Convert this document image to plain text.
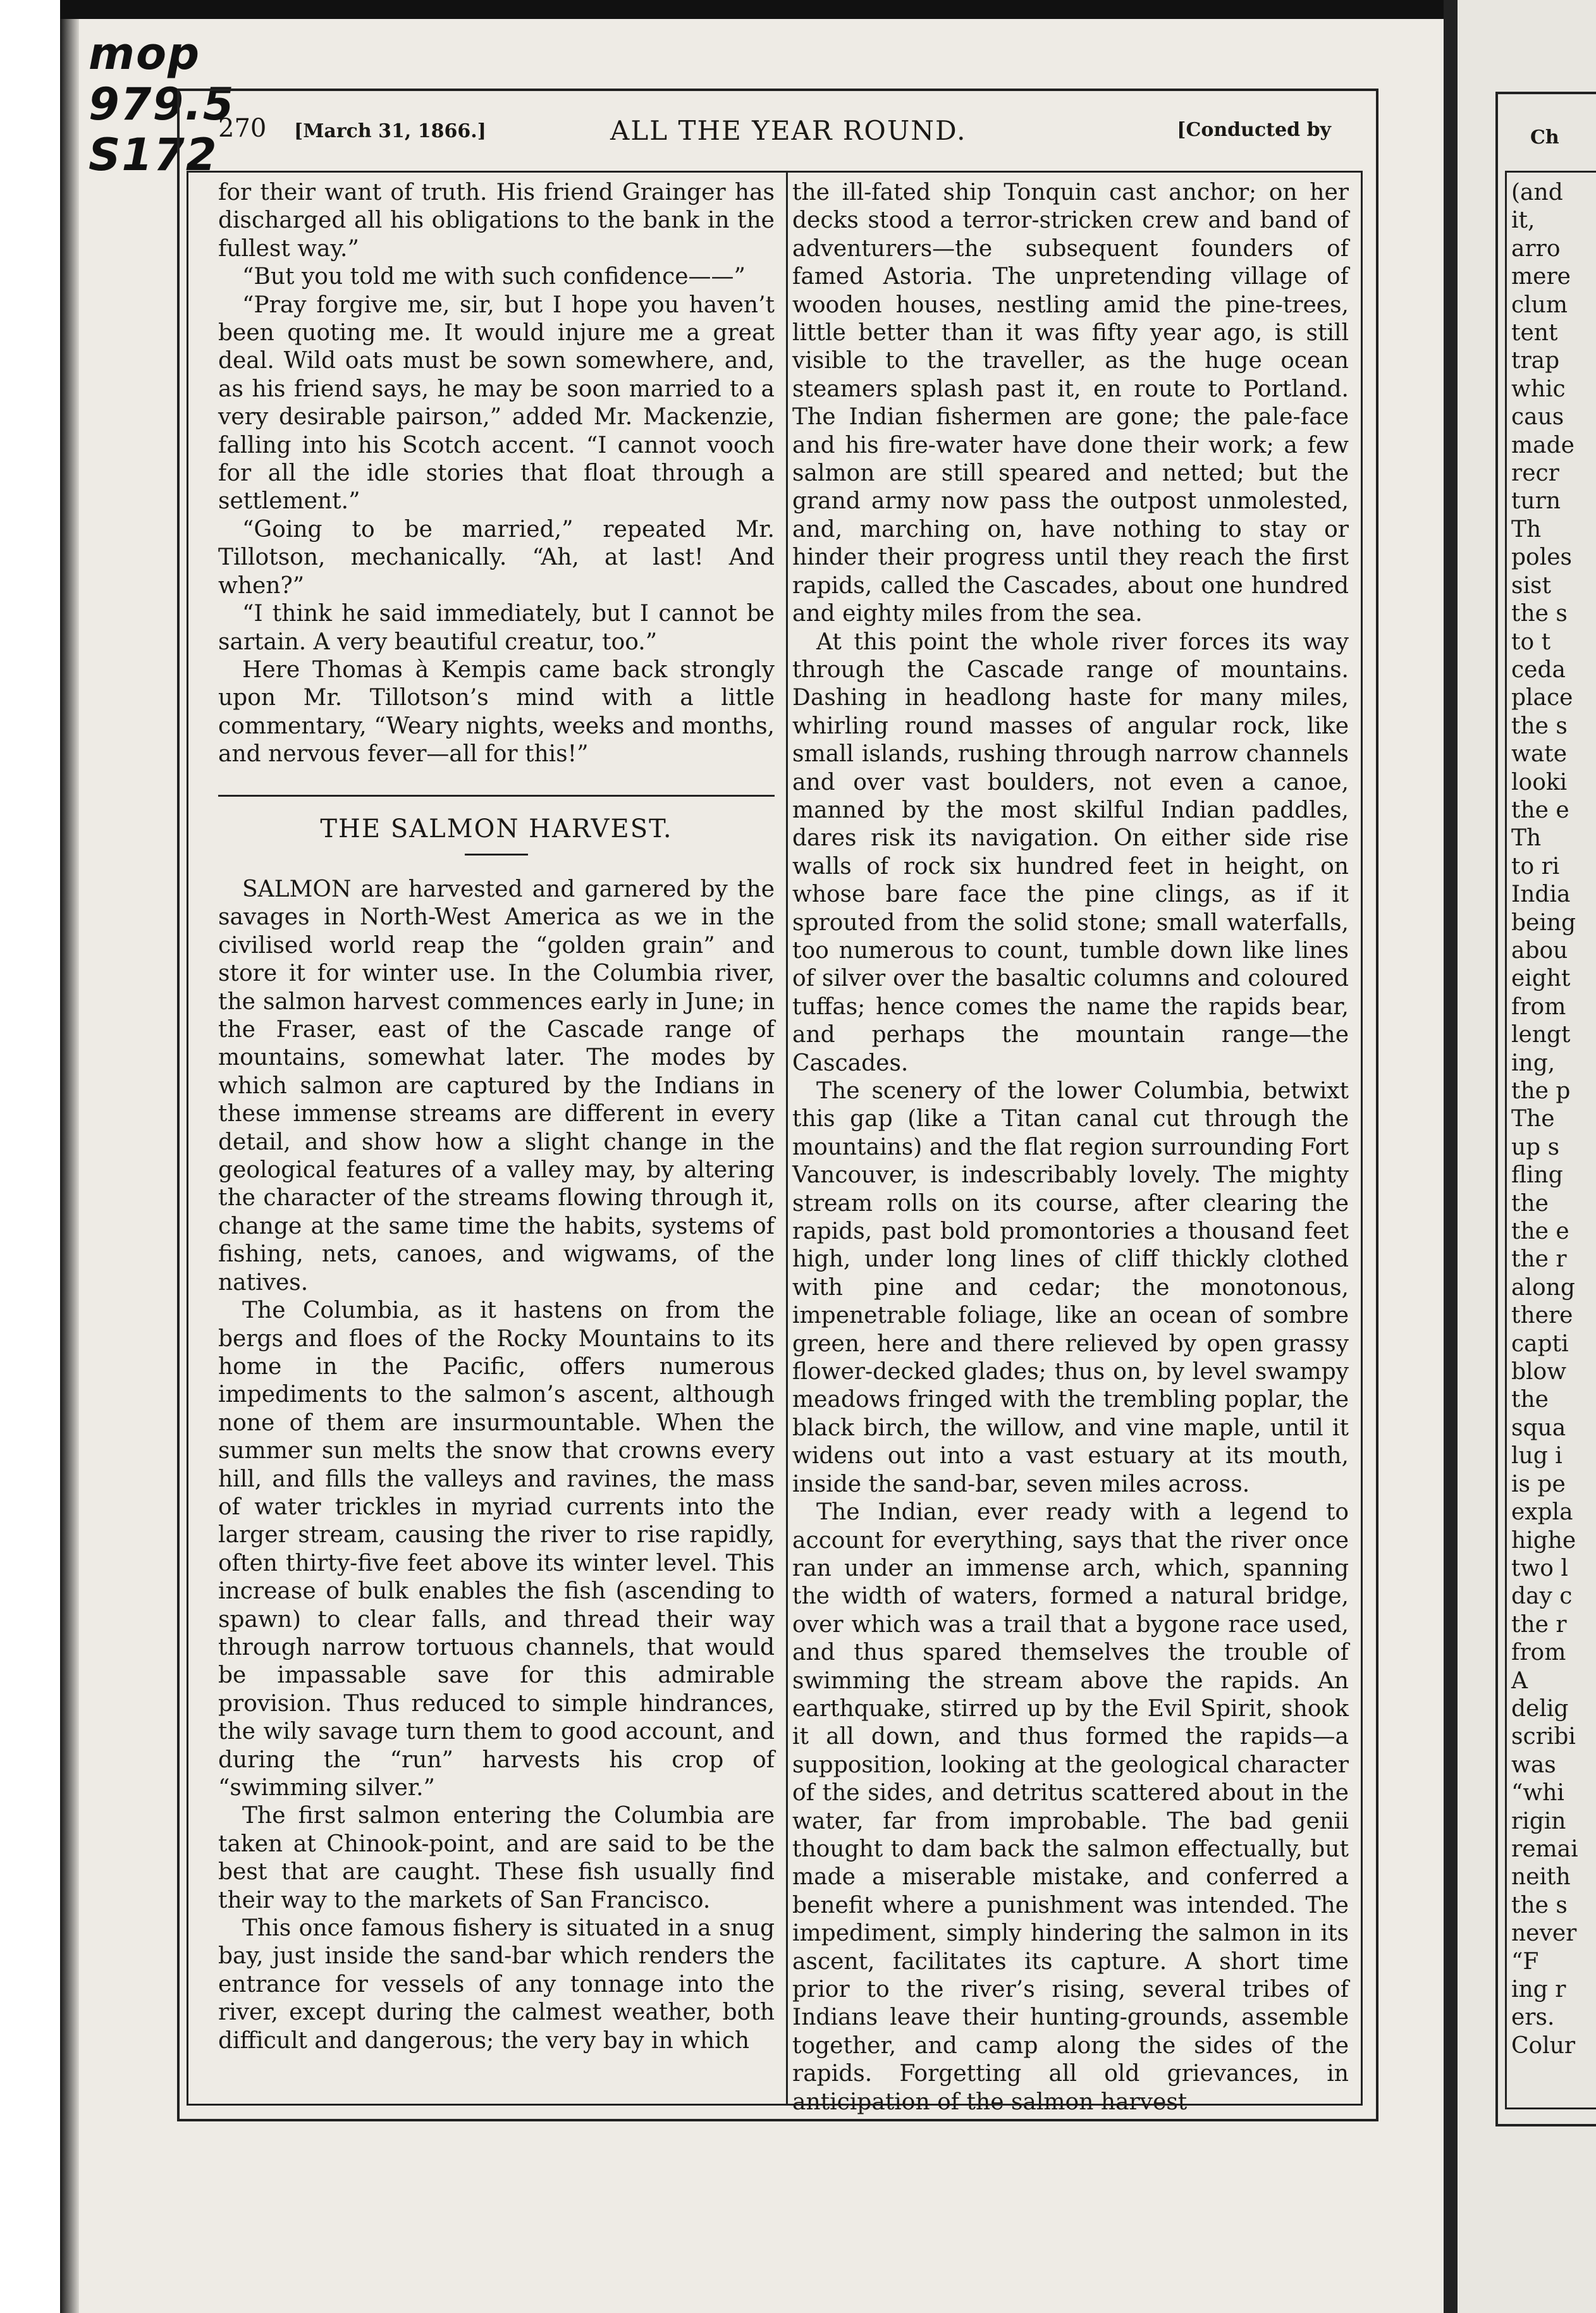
mop
979.5
S172
270 [March 31, 1866.]	ALL THE YEAR ROUND.	[Conducted by

for their want of truth. His friend Grainger has discharged all his obligations to the bank in the fullest way.”

“But you told me with such confidence——”

“Pray forgive me, sir, but I hope you haven’t been quoting me. It would injure me a great deal. Wild oats must be sown somewhere, and, as his friend says, he may be soon married to a very desirable pairson,” added Mr. Mackenzie, falling into his Scotch accent. “I cannot vooch for all the idle stories that float through a settlement.”

“Going to be married,” repeated Mr. Tillotson, mechanically. “Ah, at last! And when?”

“I think he said immediately, but I cannot be sartain. A very beautiful creatur, too.”

Here Thomas à Kempis came back strongly upon Mr. Tillotson’s mind with a little commentary, “Weary nights, weeks and months, and nervous fever—all for this!”

THE SALMON HARVEST.

SALMON are harvested and garnered by the savages in North-West America as we in the civilised world reap the “golden grain” and store it for winter use. In the Columbia river, the salmon harvest commences early in June; in the Fraser, east of the Cascade range of mountains, somewhat later. The modes by which salmon are captured by the Indians in these immense streams are different in every detail, and show how a slight change in the geological features of a valley may, by altering the character of the streams flowing through it, change at the same time the habits, systems of fishing, nets, canoes, and wigwams, of the natives.

The Columbia, as it hastens on from the bergs and floes of the Rocky Mountains to its home in the Pacific, offers numerous impediments to the salmon’s ascent, although none of them are insurmountable. When the summer sun melts the snow that crowns every hill, and fills the valleys and ravines, the mass of water trickles in myriad currents into the larger stream, causing the river to rise rapidly, often thirty-five feet above its winter level. This increase of bulk enables the fish (ascending to spawn) to clear falls, and thread their way through narrow tortuous channels, that would be impassable save for this admirable provision. Thus reduced to simple hindrances, the wily savage turn them to good account, and during the “run” harvests his crop of “swimming silver.”

The first salmon entering the Columbia are taken at Chinook-point, and are said to be the best that are caught. These fish usually find their way to the markets of San Francisco.

This once famous fishery is situated in a snug bay, just inside the sand-bar which renders the entrance for vessels of any tonnage into the river, except during the calmest weather, both difficult and dangerous; the very bay in which

the ill-fated ship Tonquin cast anchor; on her decks stood a terror-stricken crew and band of adventurers—the subsequent founders of famed Astoria. The unpretending village of wooden houses, nestling amid the pine-trees, little better than it was fifty year ago, is still visible to the traveller, as the huge ocean steamers splash past it, en route to Portland. The Indian fishermen are gone; the pale-face and his fire-water have done their work; a few salmon are still speared and netted; but the grand army now pass the outpost unmolested, and, marching on, have nothing to stay or hinder their progress until they reach the first rapids, called the Cascades, about one hundred and eighty miles from the sea.

At this point the whole river forces its way through the Cascade range of mountains. Dashing in headlong haste for many miles, whirling round masses of angular rock, like small islands, rushing through narrow channels and over vast boulders, not even a canoe, manned by the most skilful Indian paddles, dares risk its navigation. On either side rise walls of rock six hundred feet in height, on whose bare face the pine clings, as if it sprouted from the solid stone; small waterfalls, too numerous to count, tumble down like lines of silver over the basaltic columns and coloured tuffas; hence comes the name the rapids bear, and perhaps the mountain range—the Cascades.

The scenery of the lower Columbia, betwixt this gap (like a Titan canal cut through the mountains) and the flat region surrounding Fort Vancouver, is indescribably lovely. The mighty stream rolls on its course, after clearing the rapids, past bold promontories a thousand feet high, under long lines of cliff thickly clothed with pine and cedar; the monotonous, impenetrable foliage, like an ocean of sombre green, here and there relieved by open grassy flower-decked glades; thus on, by level swampy meadows fringed with the trembling poplar, the black birch, the willow, and vine maple, until it widens out into a vast estuary at its mouth, inside the sand-bar, seven miles across.

The Indian, ever ready with a legend to account for everything, says that the river once ran under an immense arch, which, spanning the width of waters, formed a natural bridge, over which was a trail that a bygone race used, and thus spared themselves the trouble of swimming the stream above the rapids. An earthquake, stirred up by the Evil Spirit, shook it all down, and thus formed the rapids—a supposition, looking at the geological character of the sides, and detritus scattered about in the water, far from improbable. The bad genii thought to dam back the salmon effectually, but made a miserable mistake, and conferred a benefit where a punishment was intended. The impediment, simply hindering the salmon in its ascent, facilitates its capture. A short time prior to the river’s rising, several tribes of Indians leave their hunting-grounds, assemble together, and camp along the sides of the rapids. Forgetting all old grievances, in anticipation of the salmon harvest

Ch
(and
it,
arro
mere
clum
tent
trap
whic
caus
made
recr
turn
Th
poles
sist
the s
to t
ceda
place
the s
wate
looki
the e
Th
to ri
India
being
abou
eight
from
lengt
ing,
the p
The
up s
fling
the
the e
the r
along
there
capti
blow
the
squa
lug i
is pe
expla
highe
two l
day c
the r
from
A
delig
scribi
was
“whi
rigin
remai
neith
the s
never
“F
ing r
ers.
Colur
